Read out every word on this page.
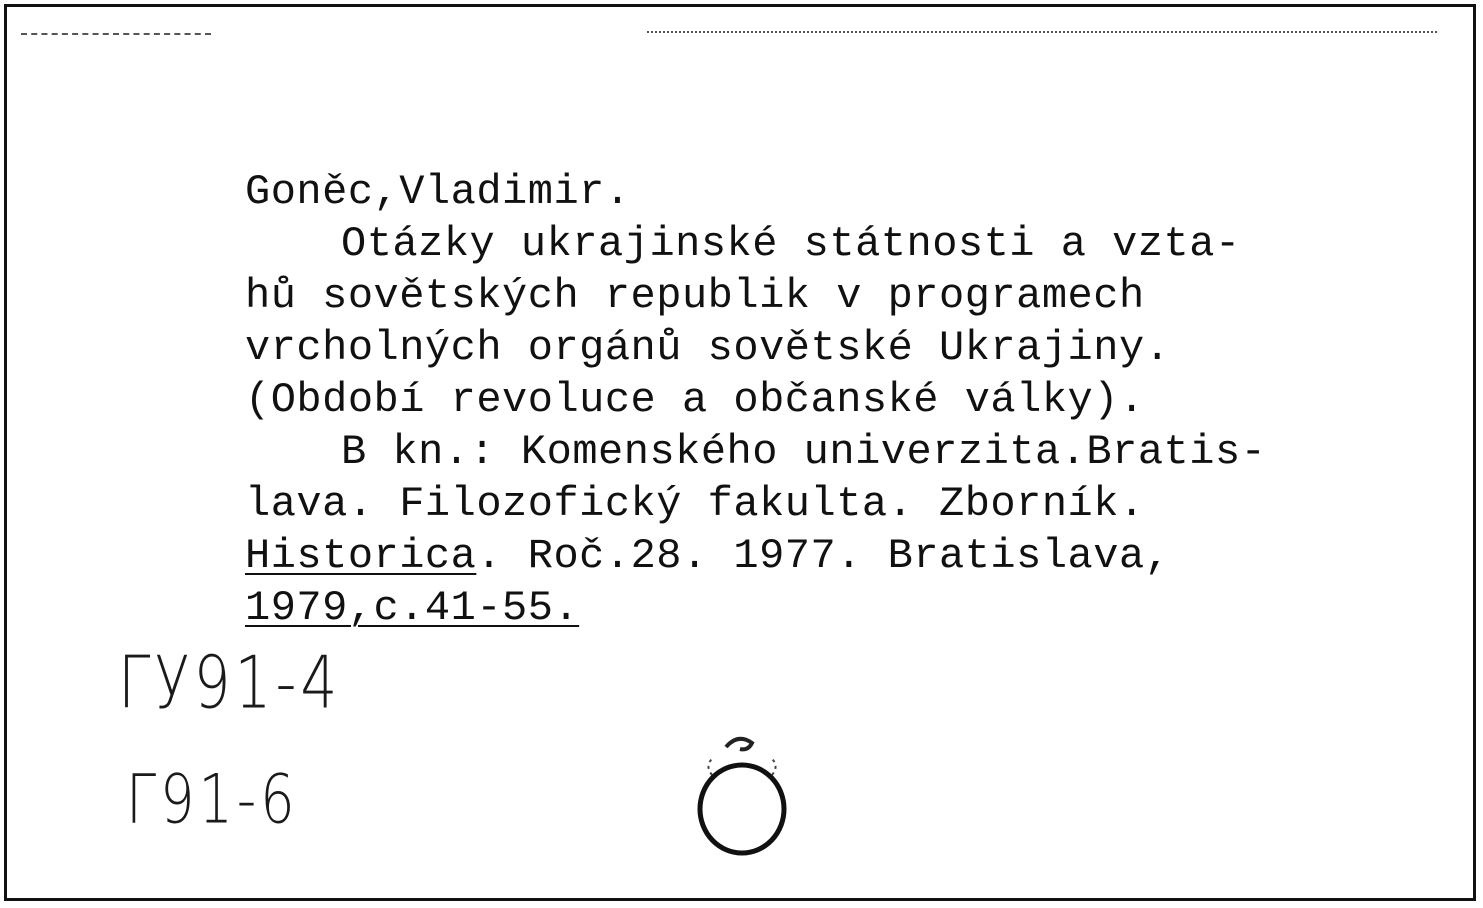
Goněc,Vladimir.
Otázky ukrajinské státnosti a vzta-
hů sovětských republik v programech
vrcholných orgánů sovětské Ukrajiny.
(Období revoluce a občanské války).
B kn.: Komenského univerzita.Bratis-
lava. Filozofický fakulta. Zborník.
Historica. Roč.28. 1977. Bratislava,
1979,c.41-55.
ГУ91-4
Г91-6
